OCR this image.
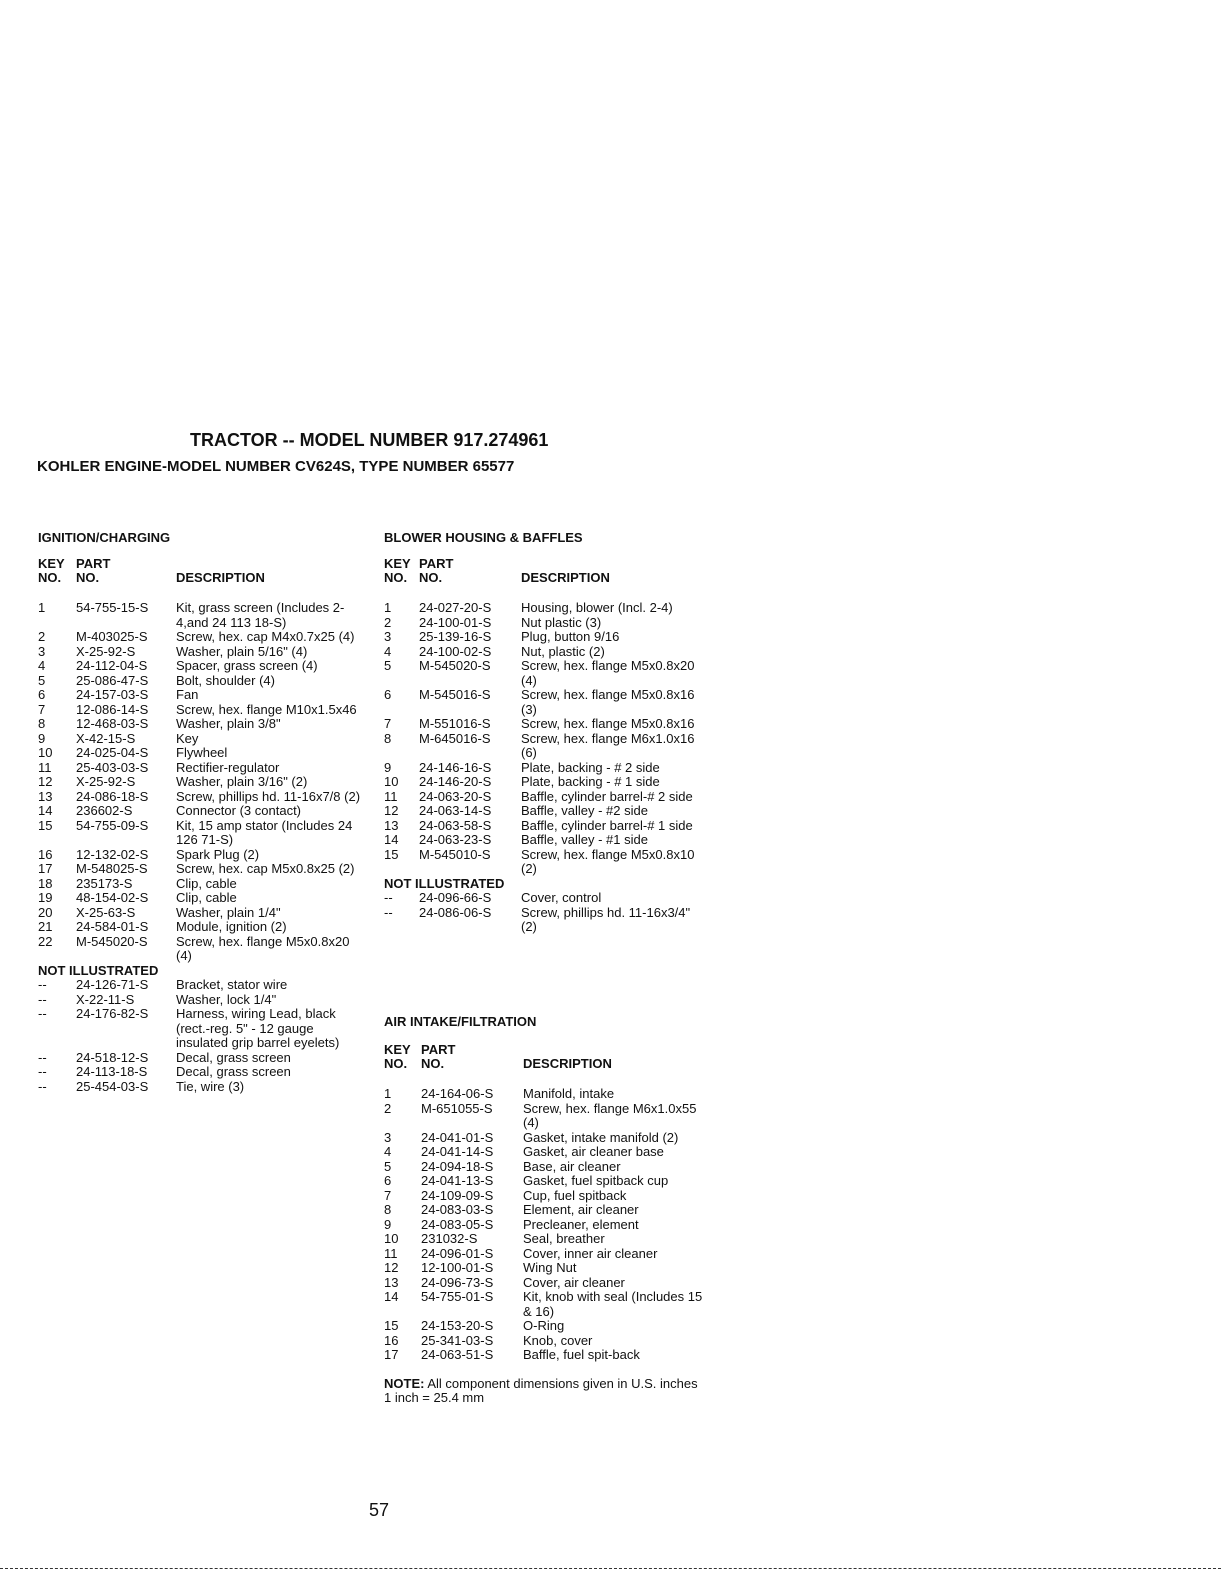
TRACTOR -- MODEL NUMBER 917.274961
KOHLER ENGINE-MODEL NUMBER CV624S, TYPE NUMBER 65577
IGNITION/CHARGING
KEY PART
NO.	NO.	DESCRIPTION
1	54-755-15-S	Kit, grass screen (Includes 2-4,and 24 113 18-S)
2	M-403025-S	Screw, hex. cap M4x0.7x25 (4)
3	X-25-92-S	Washer, plain 5/16" (4)
4	24-112-04-S	Spacer, grass screen (4)
5	25-086-47-S	Bolt, shoulder (4)
6	24-157-03-S	Fan
7	12-086-14-S	Screw, hex. flange M10x1.5x46
8	12-468-03-S	Washer, plain 3/8"
9	X-42-15-S	Key
10	24-025-04-S	Flywheel
11	25-403-03-S	Rectifier-regulator
12	X-25-92-S	Washer, plain 3/16" (2)
13	24-086-18-S	Screw, phillips hd. 11-16x7/8 (2)
14	236602-S	Connector (3 contact)
15	54-755-09-S	Kit, 15 amp stator (Includes 24 126 71-S)
16	12-132-02-S	Spark Plug (2)
17	M-548025-S	Screw, hex. cap M5x0.8x25 (2)
18	235173-S	Clip, cable
19	48-154-02-S	Clip, cable
20	X-25-63-S	Washer, plain 1/4"
21	24-584-01-S	Module, ignition (2)
22	M-545020-S	Screw, hex. flange M5x0.8x20 (4)
NOT ILLUSTRATED
--	24-126-71-S	Bracket, stator wire
--	X-22-11-S	Washer, lock 1/4"
--	24-176-82-S	Harness, wiring Lead, black (rect.-reg. 5" - 12 gauge insulated grip barrel eyelets)
--	24-518-12-S	Decal, grass screen
--	24-113-18-S	Decal, grass screen
--	25-454-03-S	Tie, wire (3)
BLOWER HOUSING & BAFFLES
KEY PART
NO. NO.	DESCRIPTION
1	24-027-20-S	Housing, blower (Incl. 2-4)
2	24-100-01-S	Nut plastic (3)
3	25-139-16-S	Plug, button 9/16
4	24-100-02-S	Nut, plastic (2)
5	M-545020-S	Screw, hex. flange M5x0.8x20 (4)
6	M-545016-S	Screw, hex. flange M5x0.8x16 (3)
7	M-551016-S	Screw, hex. flange M5x0.8x16
8	M-645016-S	Screw, hex. flange M6x1.0x16 (6)
9	24-146-16-S	Plate, backing - # 2 side
10	24-146-20-S	Plate, backing - # 1 side
11	24-063-20-S	Baffle, cylinder barrel-# 2 side
12	24-063-14-S	Baffle, valley - #2 side
13	24-063-58-S	Baffle, cylinder barrel-# 1 side
14	24-063-23-S	Baffle, valley - #1 side
15	M-545010-S	Screw, hex. flange M5x0.8x10 (2)
NOT ILLUSTRATED
--	24-096-66-S	Cover, control
--	24-086-06-S	Screw, phillips hd. 11-16x3/4" (2)
AIR INTAKE/FILTRATION
KEY PART
NO.	NO.	DESCRIPTION
1	24-164-06-S	Manifold, intake
2	M-651055-S	Screw, hex. flange M6x1.0x55 (4)
3	24-041-01-S	Gasket, intake manifold (2)
4	24-041-14-S	Gasket, air cleaner base
5	24-094-18-S	Base, air cleaner
6	24-041-13-S	Gasket, fuel spitback cup
7	24-109-09-S	Cup, fuel spitback
8	24-083-03-S	Element, air cleaner
9	24-083-05-S	Precleaner, element
10	231032-S	Seal, breather
11	24-096-01-S	Cover, inner air cleaner
12	12-100-01-S	Wing Nut
13	24-096-73-S	Cover, air cleaner
14	54-755-01-S	Kit, knob with seal (Includes 15 & 16)
15	24-153-20-S	O-Ring
16	25-341-03-S	Knob, cover
17	24-063-51-S	Baffle, fuel spit-back
NOTE: All component dimensions given in U.S. inches 1 inch = 25.4 mm
57
